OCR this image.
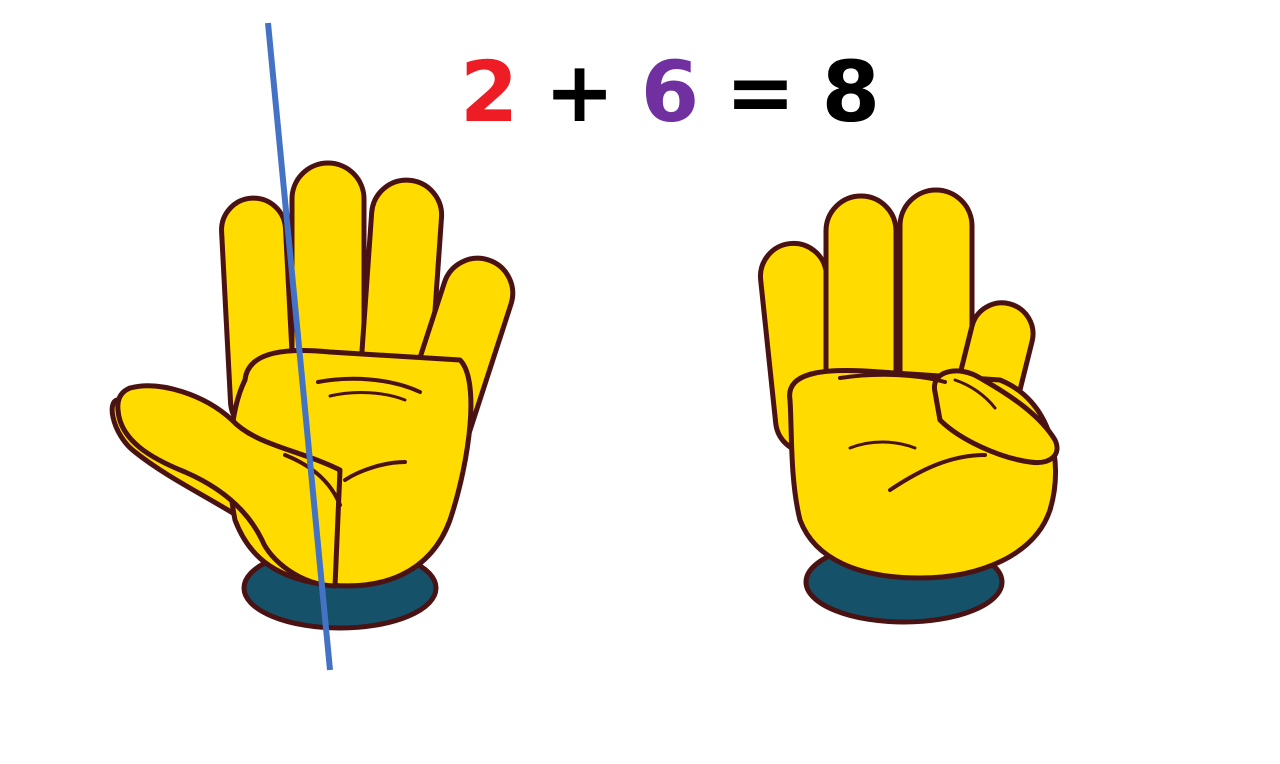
2 + 6 = 8
